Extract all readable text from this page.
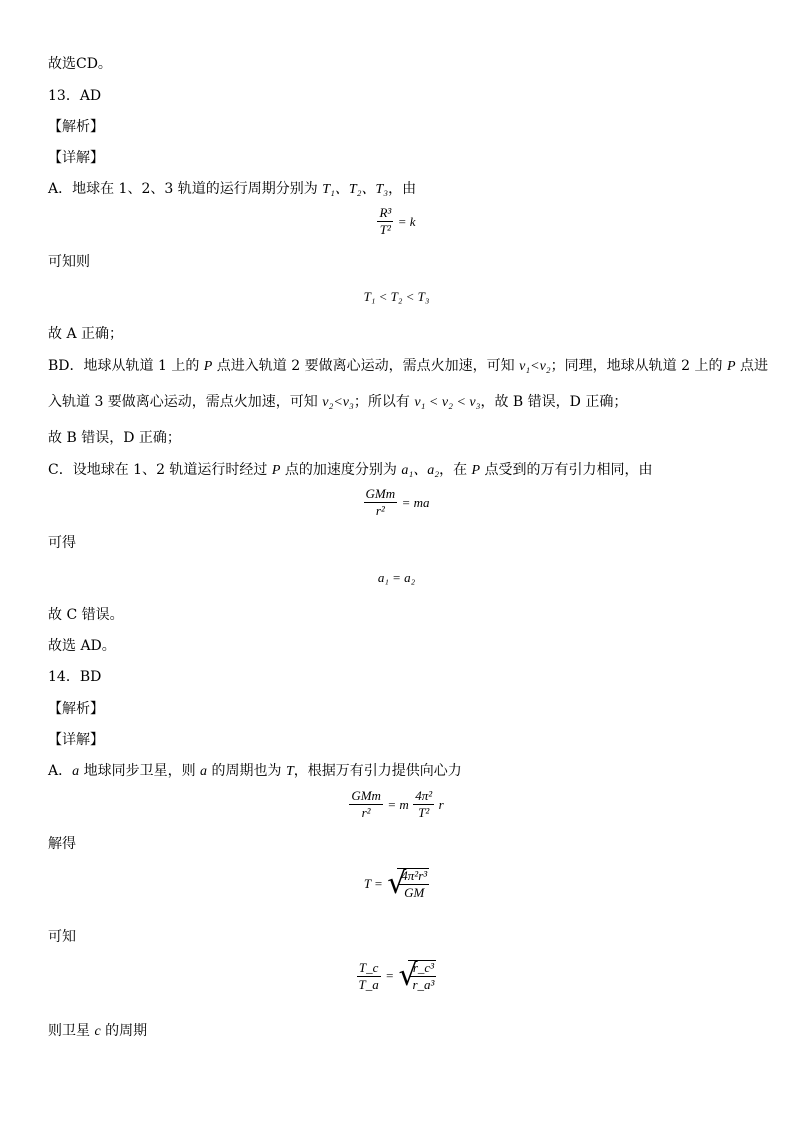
故选CD。
13．AD
【解析】
【详解】
A．地球在 1、2、3 轨道的运行周期分别为 T₁、T₂、T₃，由
$\frac{\text{R³}}{\text{T²}} = k$
可知则
T₁ < T₂ < T₃
故 A 正确；
BD．地球从轨道 1 上的 P 点进入轨道 2 要做离心运动，需点火加速，可知 v₁<v₂；同理，地球从轨道 2 上的 P 点进
入轨道 3 要做离心运动，需点火加速，可知 v₂<v₃；所以有 v₁ < v₂ < v₃，故 B 错误，D 正确；
故 B 错误，D 正确；
C．设地球在 1、2 轨道运行时经过 P 点的加速度分别为 a₁、a₂，在 P 点受到的万有引力相同，由
$\frac{\text{GMm}}{\text{r²}}$ = ma
可得
a₁ = a₂
故 C 错误。
故选 AD。
14．BD
【解析】
【详解】
A．a 地球同步卫星，则 a 的周期也为 T，根据万有引力提供向心力
$\frac{\text{GMm}}{\text{r²}} = m \frac{\text{4π²}}{\text{T²}}$ r
解得
T = √
$\frac{\text{4π²r³}}{GM}$
可知
$\frac{T\_c}{T\_a}$ = √
$\frac{\text{r\_c³}}{\text{r\_a³}}$
则卫星 c 的周期
